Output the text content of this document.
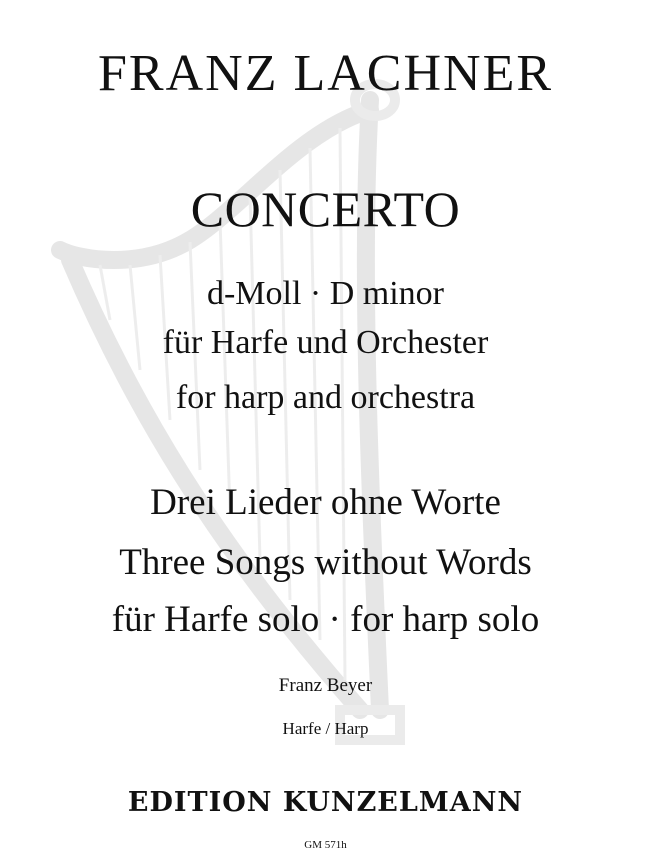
FRANZ LACHNER
CONCERTO
d-Moll · D minor
für Harfe und Orchester
for harp and orchestra
Drei Lieder ohne Worte
Three Songs without Words
für Harfe solo · for harp solo
Franz Beyer
Harfe / Harp
EDITION KUNZELMANN
GM 571h
